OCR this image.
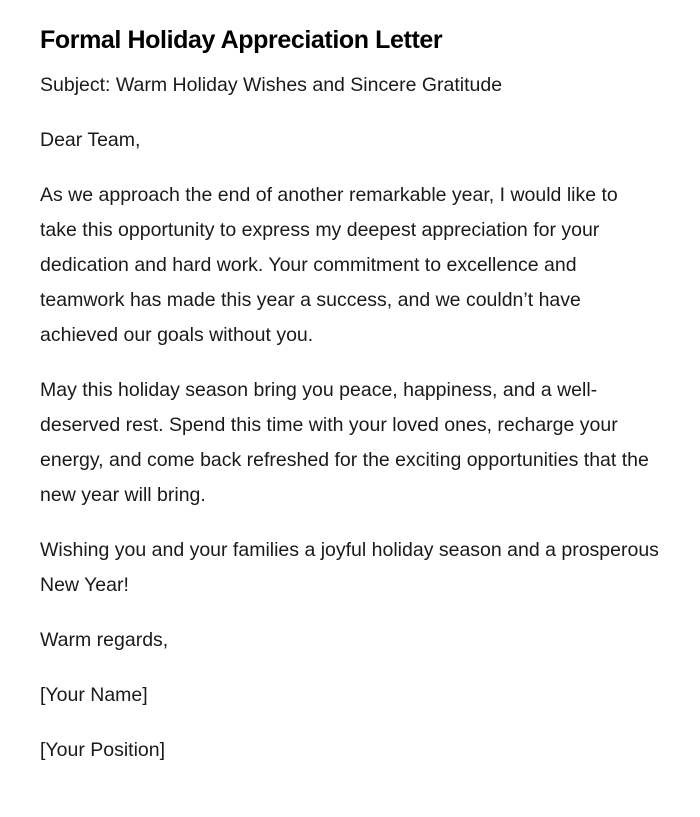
Formal Holiday Appreciation Letter

Subject: Warm Holiday Wishes and Sincere Gratitude

Dear Team,

As we approach the end of another remarkable year, I would like to take this opportunity to express my deepest appreciation for your dedication and hard work. Your commitment to excellence and teamwork has made this year a success, and we couldn’t have achieved our goals without you.

May this holiday season bring you peace, happiness, and a well-deserved rest. Spend this time with your loved ones, recharge your energy, and come back refreshed for the exciting opportunities that the new year will bring.

Wishing you and your families a joyful holiday season and a prosperous New Year!

Warm regards,

[Your Name]

[Your Position]
